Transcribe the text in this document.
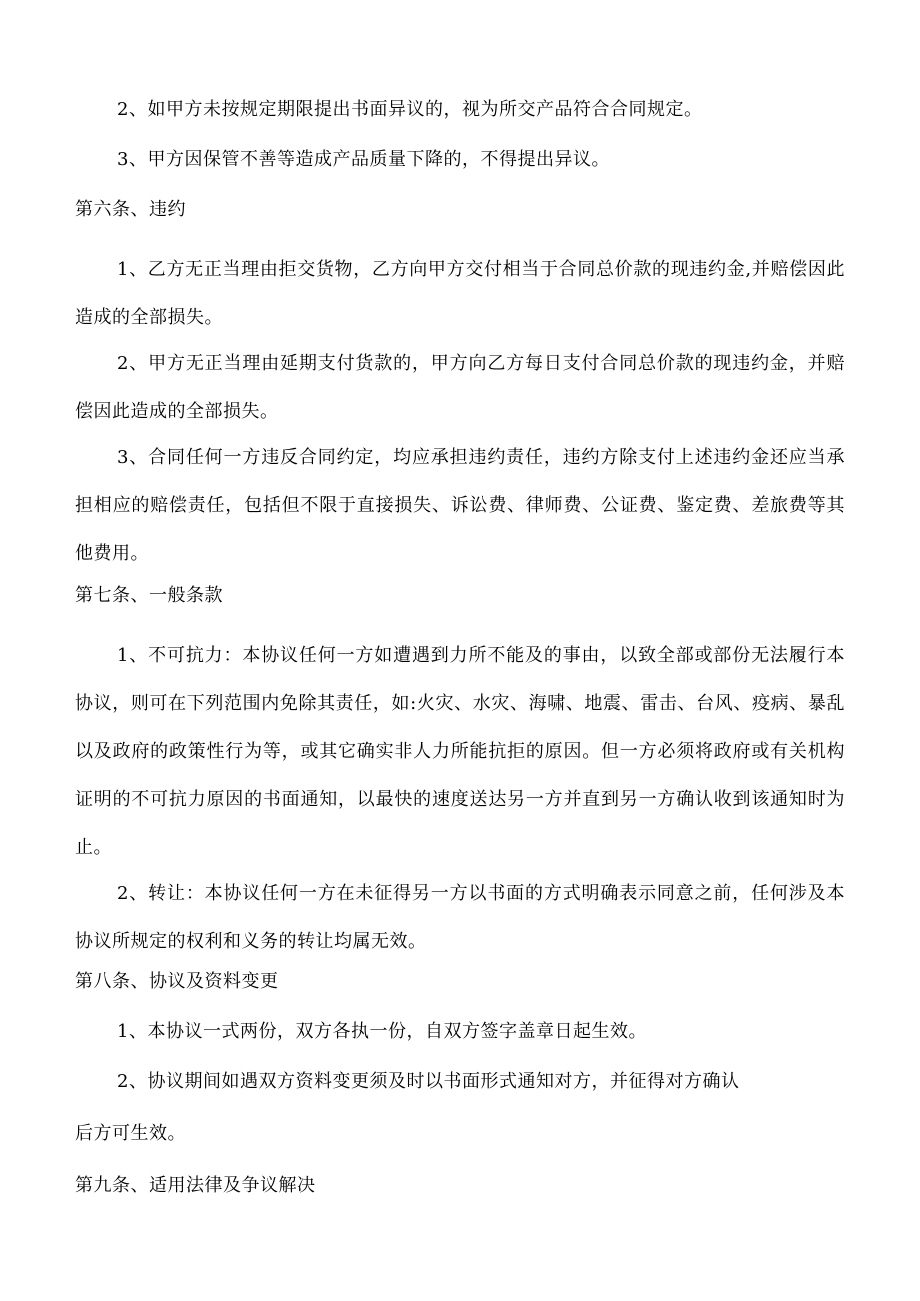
2、如甲方未按规定期限提出书面异议的，视为所交产品符合合同规定。
3、甲方因保管不善等造成产品质量下降的，不得提出异议。
第六条、违约
1、乙方无正当理由拒交货物，乙方向甲方交付相当于合同总价款的现违约金,并赔偿因此造成的全部损失。
2、甲方无正当理由延期支付货款的，甲方向乙方每日支付合同总价款的现违约金，并赔偿因此造成的全部损失。
3、合同任何一方违反合同约定，均应承担违约责任，违约方除支付上述违约金还应当承担相应的赔偿责任，包括但不限于直接损失、诉讼费、律师费、公证费、鉴定费、差旅费等其他费用。
第七条、一般条款
1、不可抗力：本协议任何一方如遭遇到力所不能及的事由，以致全部或部份无法履行本协议，则可在下列范围内免除其责任，如:火灾、水灾、海啸、地震、雷击、台风、疫病、暴乱以及政府的政策性行为等，或其它确实非人力所能抗拒的原因。但一方必须将政府或有关机构证明的不可抗力原因的书面通知，以最快的速度送达另一方并直到另一方确认收到该通知时为止。
2、转让：本协议任何一方在未征得另一方以书面的方式明确表示同意之前，任何涉及本协议所规定的权利和义务的转让均属无效。
第八条、协议及资料变更
1、本协议一式两份，双方各执一份，自双方签字盖章日起生效。
2、协议期间如遇双方资料变更须及时以书面形式通知对方，并征得对方确认
后方可生效。
第九条、适用法律及争议解决
